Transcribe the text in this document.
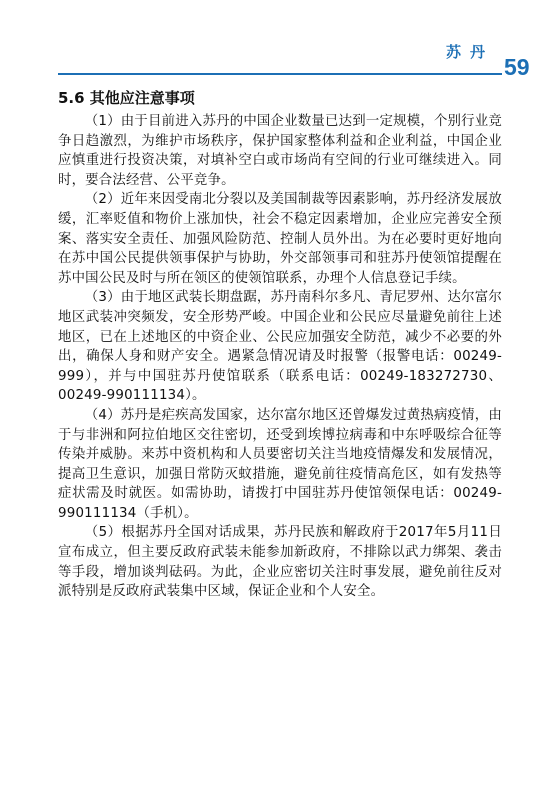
苏丹
59
5.6 其他应注意事项

（1）由于目前进入苏丹的中国企业数量已达到一定规模，个别行业竞争日趋激烈，为维护市场秩序，保护国家整体利益和企业利益，中国企业应慎重进行投资决策，对填补空白或市场尚有空间的行业可继续进入。同时，要合法经营、公平竞争。

（2）近年来因受南北分裂以及美国制裁等因素影响，苏丹经济发展放缓，汇率贬值和物价上涨加快，社会不稳定因素增加，企业应完善安全预案、落实安全责任、加强风险防范、控制人员外出。为在必要时更好地向在苏中国公民提供领事保护与协助，外交部领事司和驻苏丹使领馆提醒在苏中国公民及时与所在领区的使领馆联系，办理个人信息登记手续。

（3）由于地区武装长期盘踞，苏丹南科尔多凡、青尼罗州、达尔富尔地区武装冲突频发，安全形势严峻。中国企业和公民应尽量避免前往上述地区，已在上述地区的中资企业、公民应加强安全防范，减少不必要的外出，确保人身和财产安全。遇紧急情况请及时报警（报警电话：00249-999），并与中国驻苏丹使馆联系（联系电话：00249-183272730、00249-990111134）。

（4）苏丹是疟疾高发国家，达尔富尔地区还曾爆发过黄热病疫情，由于与非洲和阿拉伯地区交往密切，还受到埃博拉病毒和中东呼吸综合征等传染并威胁。来苏中资机构和人员要密切关注当地疫情爆发和发展情况，提高卫生意识，加强日常防灭蚊措施，避免前往疫情高危区，如有发热等症状需及时就医。如需协助，请拨打中国驻苏丹使馆领保电话：00249-990111134（手机）。

（5）根据苏丹全国对话成果，苏丹民族和解政府于2017年5月11日宣布成立，但主要反政府武装未能参加新政府，不排除以武力绑架、袭击等手段，增加谈判砝码。为此，企业应密切关注时事发展，避免前往反对派特别是反政府武装集中区域，保证企业和个人安全。
